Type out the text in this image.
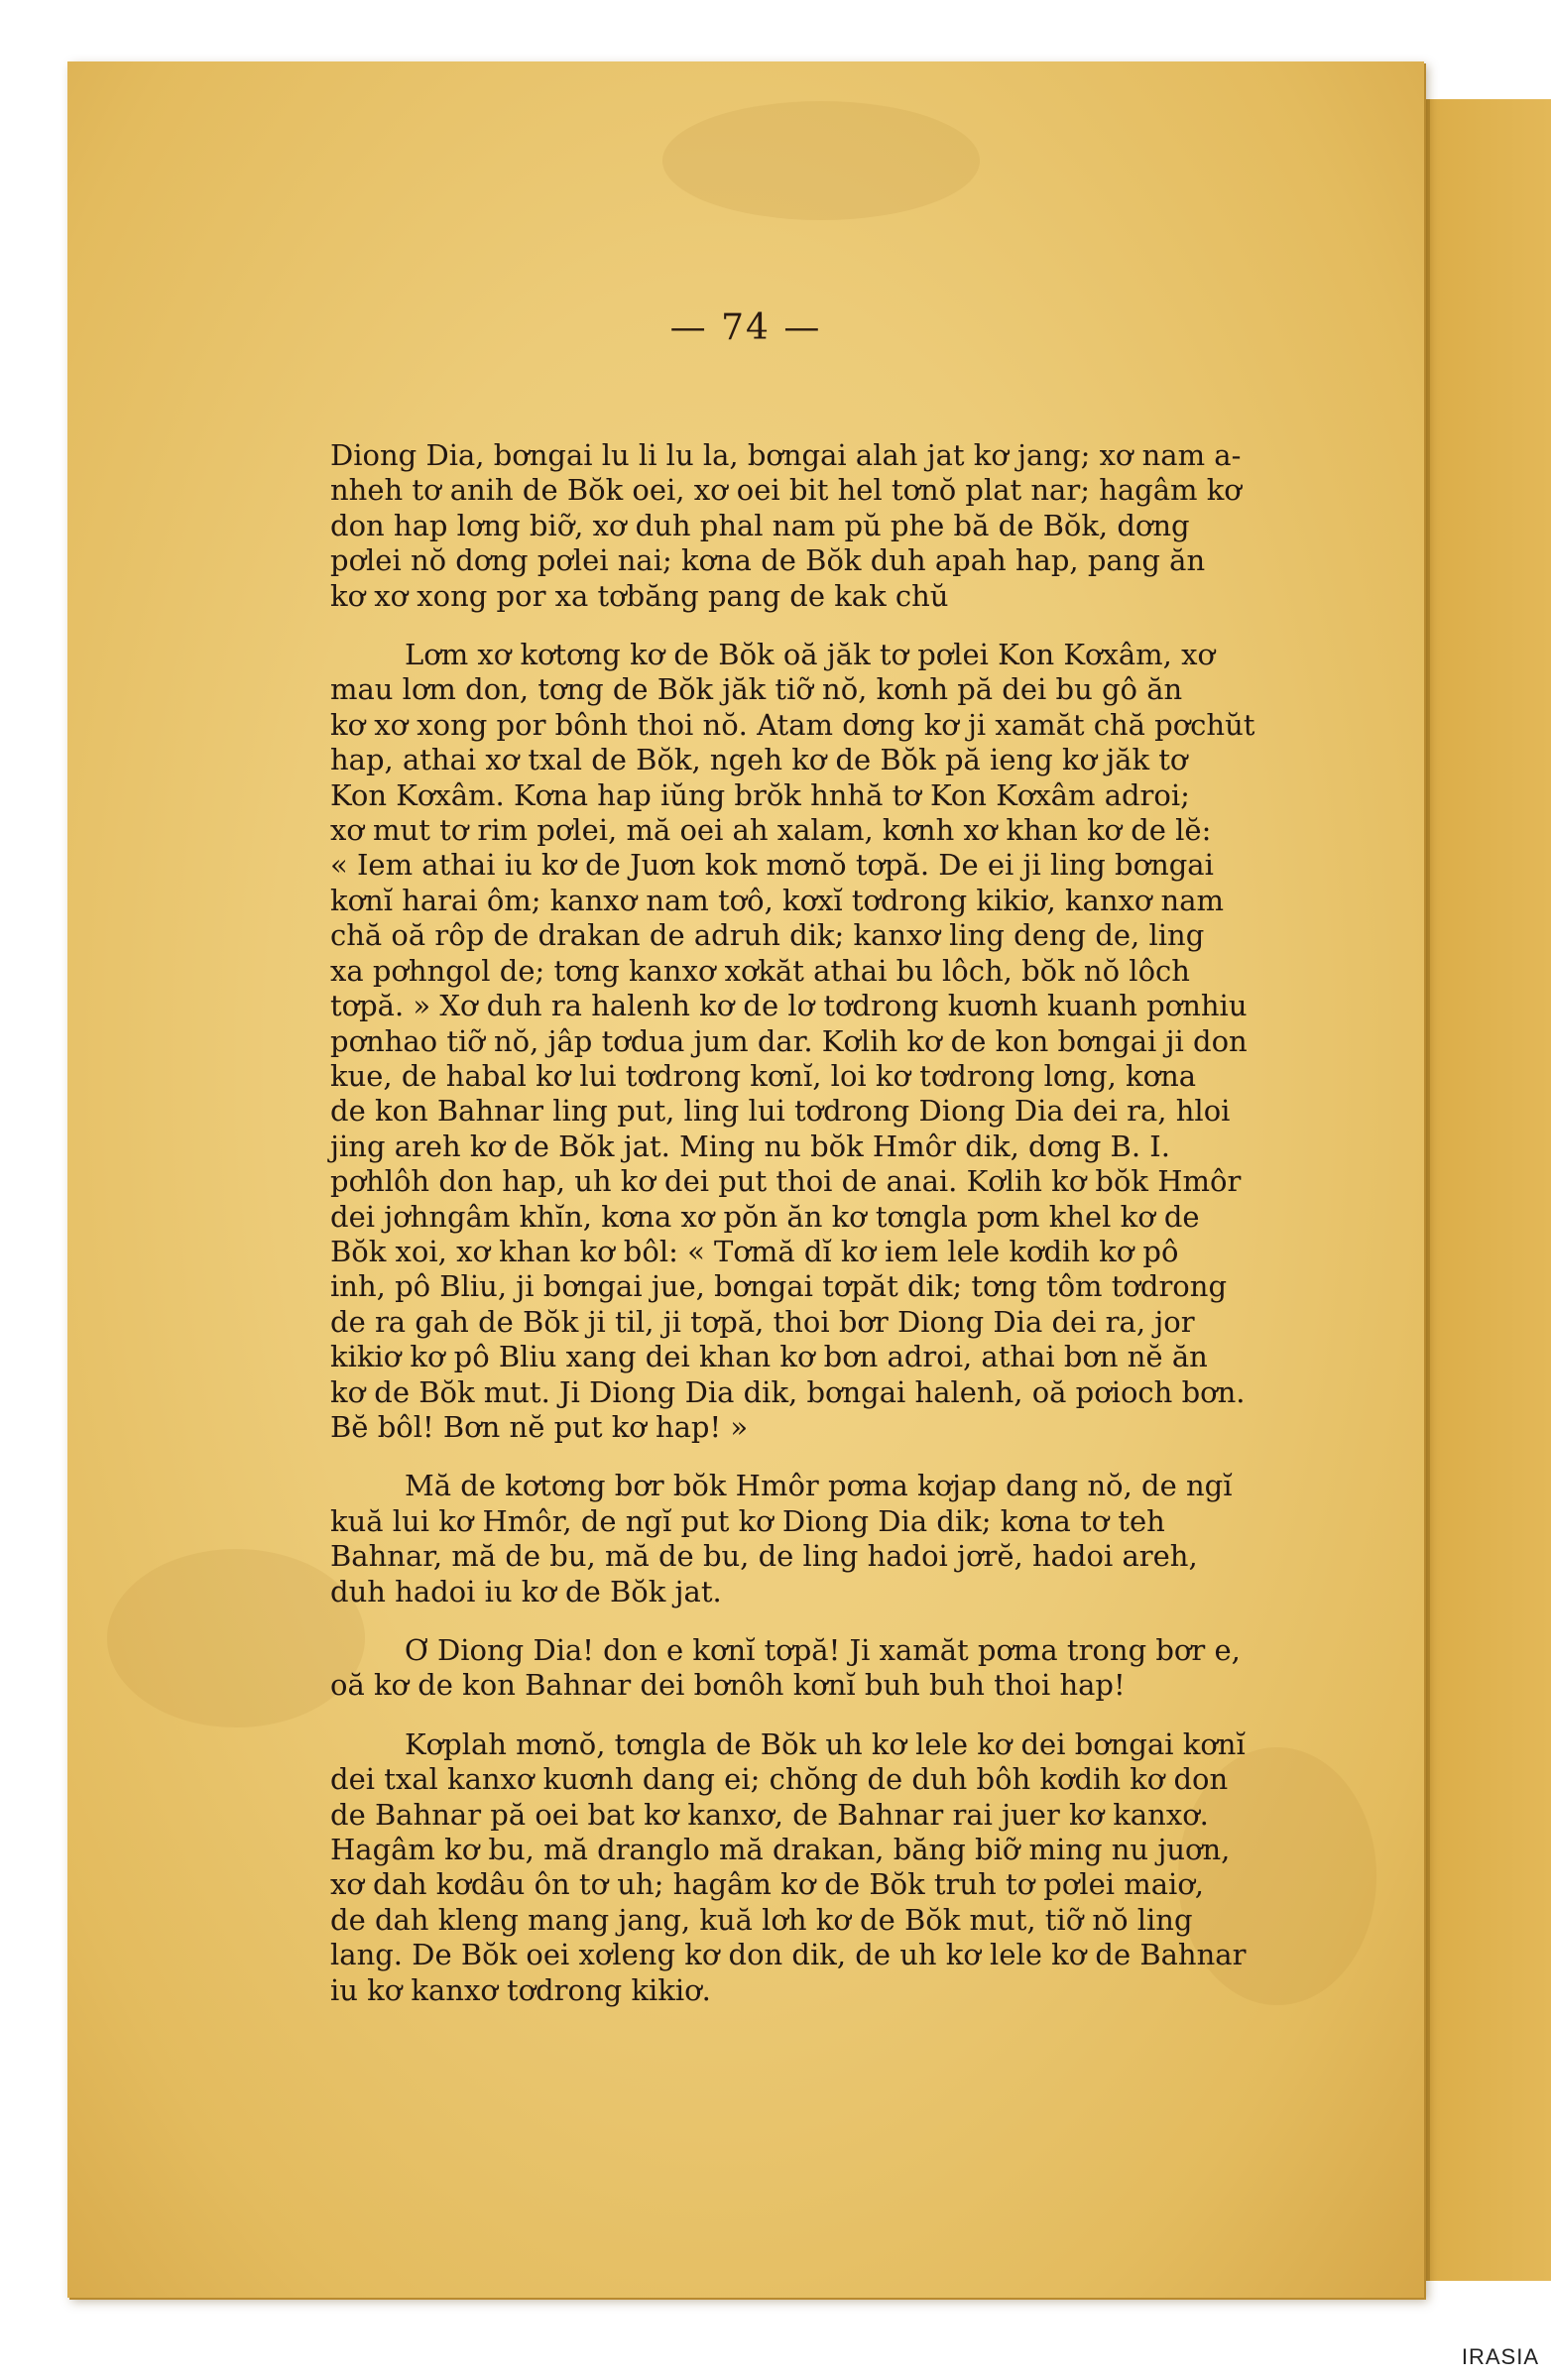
— 74 —

Diong Dia, bơngai lu li lu la, bơngai alah jat kơ jang; xơ nam a-
nheh tơ anih de Bŏk oei, xơ oei bit hel tơnŏ plat nar; hagâm kơ
don hap lơng biỡ, xơ duh phal nam pŭ phe bă de Bŏk, dơng
pơlei nŏ dơng pơlei nai; kơna de Bŏk duh apah hap, pang ăn
kơ xơ xong por xa tơbăng pang de kak chŭ

Lơm xơ kơtơng kơ de Bŏk oă jăk tơ pơlei Kon Kơxâm, xơ
mau lơm don, tơng de Bŏk jăk tiỡ nŏ, kơnh pă dei bu gô ăn
kơ xơ xong por bônh thoi nŏ. Atam dơng kơ ji xamăt chă pơchŭt
hap, athai xơ txal de Bŏk, ngeh kơ de Bŏk pă ieng kơ jăk tơ
Kon Kơxâm. Kơna hap iŭng brŏk hnhă tơ Kon Kơxâm adroi;
xơ mut tơ rim pơlei, mă oei ah xalam, kơnh xơ khan kơ de lĕ:
« Iem athai iu kơ de Juơn kok mơnŏ tơpă. De ei ji ling bơngai
kơnĭ harai ôm; kanxơ nam tơô, kơxĭ tơdrong kikiơ, kanxơ nam
chă oă rôp de drakan de adruh dik; kanxơ ling deng de, ling
xa pơhngol de; tơng kanxơ xơkăt athai bu lôch, bŏk nŏ lôch
tơpă. » Xơ duh ra halenh kơ de lơ tơdrong kuơnh kuanh pơnhiu
pơnhao tiỡ nŏ, jâp tơdua jum dar. Kơlih kơ de kon bơngai ji don
kue, de habal kơ lui tơdrong kơnĭ, loi kơ tơdrong lơng, kơna
de kon Bahnar ling put, ling lui tơdrong Diong Dia dei ra, hloi
jing areh kơ de Bŏk jat. Ming nu bŏk Hmôr dik, dơng B. I.
pơhlôh don hap, uh kơ dei put thoi de anai. Kơlih kơ bŏk Hmôr
dei jơhngâm khĭn, kơna xơ pŏn ăn kơ tơngla pơm khel kơ de
Bŏk xoi, xơ khan kơ bôl: « Tơmă dĭ kơ iem lele kơdih kơ pô
inh, pô Bliu, ji bơngai jue, bơngai tơpăt dik; tơng tôm tơdrong
de ra gah de Bŏk ji til, ji tơpă, thoi bơr Diong Dia dei ra, jor
kikiơ kơ pô Bliu xang dei khan kơ bơn adroi, athai bơn nĕ ăn
kơ de Bŏk mut. Ji Diong Dia dik, bơngai halenh, oă pơioch bơn.
Bĕ bôl! Bơn nĕ put kơ hap! »

Mă de kơtơng bơr bŏk Hmôr pơma kơjap dang nŏ, de ngĭ
kuă lui kơ Hmôr, de ngĭ put kơ Diong Dia dik; kơna tơ teh
Bahnar, mă de bu, mă de bu, de ling hadoi jơrĕ, hadoi areh,
duh hadoi iu kơ de Bŏk jat.

Ơ Diong Dia! don e kơnĭ tơpă! Ji xamăt pơma trong bơr e,
oă kơ de kon Bahnar dei bơnôh kơnĭ buh buh thoi hap!

Kơplah mơnŏ, tơngla de Bŏk uh kơ lele kơ dei bơngai kơnĭ
dei txal kanxơ kuơnh dang ei; chŏng de duh bôh kơdih kơ don
de Bahnar pă oei bat kơ kanxơ, de Bahnar rai juer kơ kanxơ.
Hagâm kơ bu, mă dranglo mă drakan, băng biỡ ming nu juơn,
xơ dah kơdâu ôn tơ uh; hagâm kơ de Bŏk truh tơ pơlei maiơ,
de dah kleng mang jang, kuă lơh kơ de Bŏk mut, tiỡ nŏ ling
lang. De Bŏk oei xơleng kơ don dik, de uh kơ lele kơ de Bahnar
iu kơ kanxơ tơdrong kikiơ.

IRASIA
